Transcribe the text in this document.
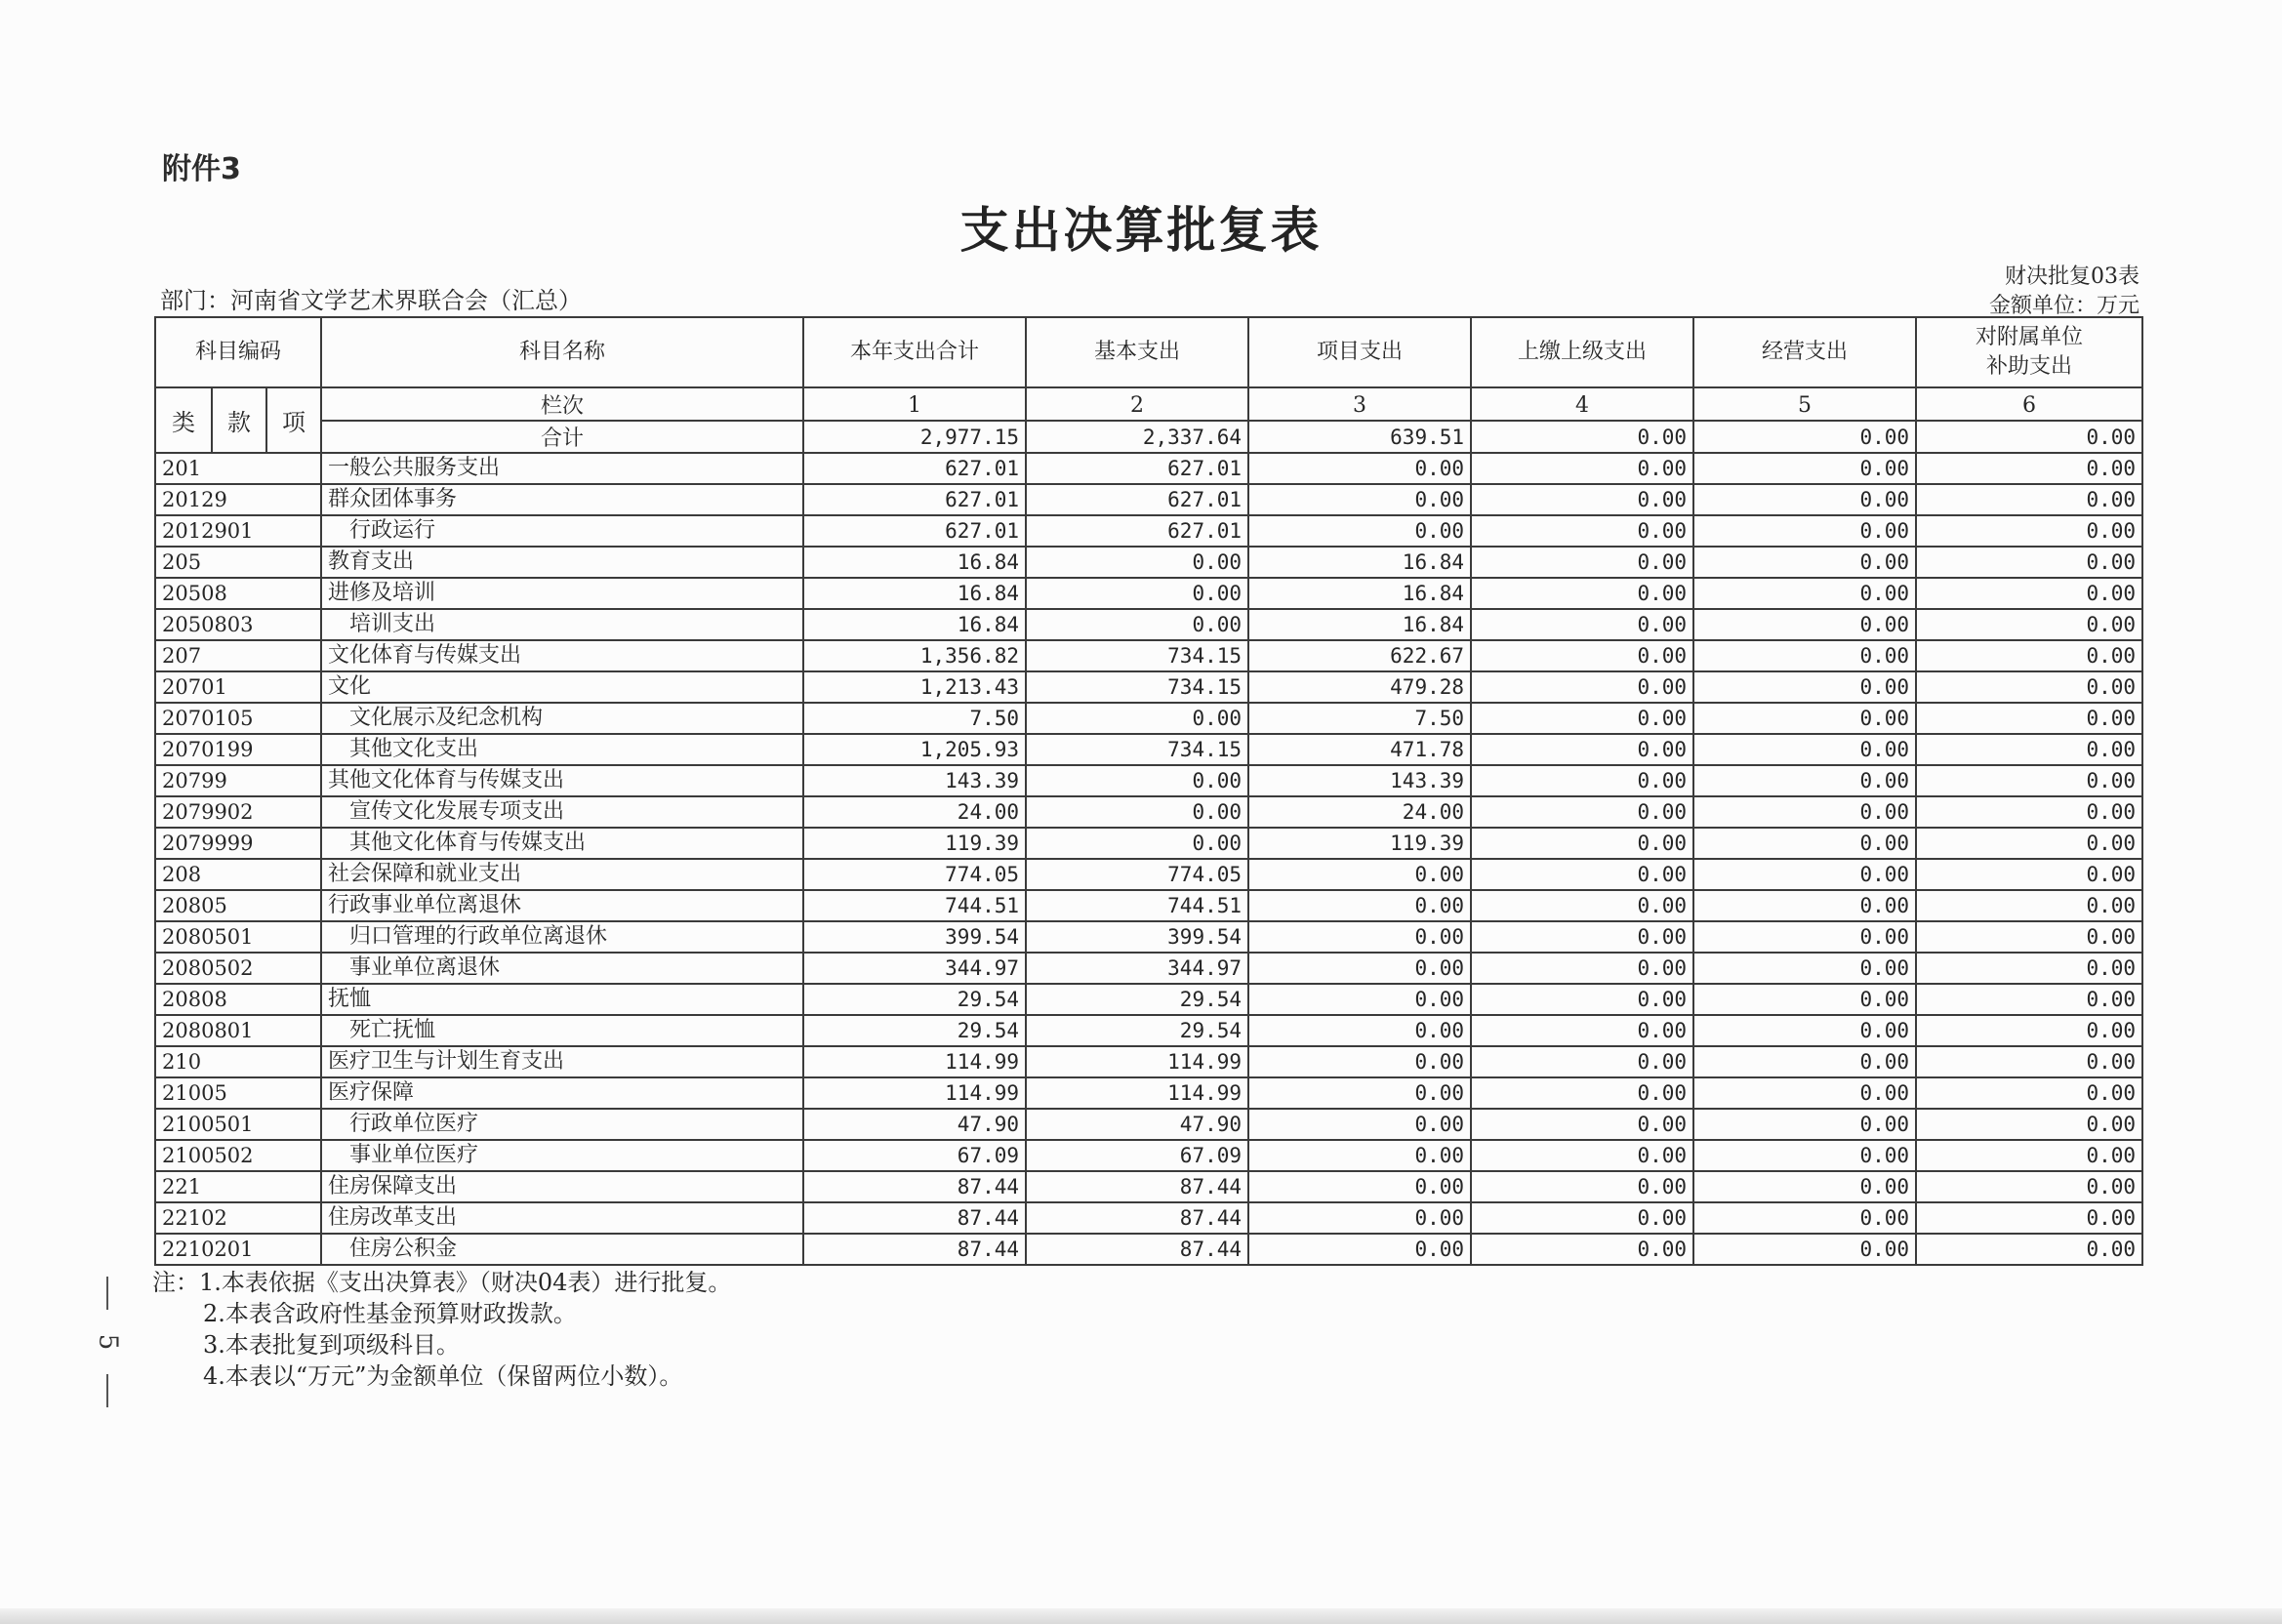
附件3
支出决算批复表
部门：河南省文学艺术界联合会（汇总）
财决批复03表
金额单位：万元
科目编码			科目名称	本年支出合计	基本支出	项目支出	上缴上级支出	经营支出	对附属单位
补助支出

类	款	项	栏次	1	2	3	4	5	6
			合计	2,977.15	2,337.64	639.51	0.00	0.00	0.00
201			一般公共服务支出	627.01	627.01	0.00	0.00	0.00	0.00
20129			群众团体事务	627.01	627.01	0.00	0.00	0.00	0.00
2012901			行政运行	627.01	627.01	0.00	0.00	0.00	0.00
205			教育支出	16.84	0.00	16.84	0.00	0.00	0.00
20508			进修及培训	16.84	0.00	16.84	0.00	0.00	0.00
2050803			培训支出	16.84	0.00	16.84	0.00	0.00	0.00
207			文化体育与传媒支出	1,356.82	734.15	622.67	0.00	0.00	0.00
20701			文化	1,213.43	734.15	479.28	0.00	0.00	0.00
2070105			文化展示及纪念机构	7.50	0.00	7.50	0.00	0.00	0.00
2070199			其他文化支出	1,205.93	734.15	471.78	0.00	0.00	0.00
20799			其他文化体育与传媒支出	143.39	0.00	143.39	0.00	0.00	0.00
2079902			宣传文化发展专项支出	24.00	0.00	24.00	0.00	0.00	0.00
2079999			其他文化体育与传媒支出	119.39	0.00	119.39	0.00	0.00	0.00
208			社会保障和就业支出	774.05	774.05	0.00	0.00	0.00	0.00
20805			行政事业单位离退休	744.51	744.51	0.00	0.00	0.00	0.00
2080501			归口管理的行政单位离退休	399.54	399.54	0.00	0.00	0.00	0.00
2080502			事业单位离退休	344.97	344.97	0.00	0.00	0.00	0.00
20808			抚恤	29.54	29.54	0.00	0.00	0.00	0.00
2080801			死亡抚恤	29.54	29.54	0.00	0.00	0.00	0.00
210			医疗卫生与计划生育支出	114.99	114.99	0.00	0.00	0.00	0.00
21005			医疗保障	114.99	114.99	0.00	0.00	0.00	0.00
2100501			行政单位医疗	47.90	47.90	0.00	0.00	0.00	0.00
2100502			事业单位医疗	67.09	67.09	0.00	0.00	0.00	0.00
221			住房保障支出	87.44	87.44	0.00	0.00	0.00	0.00
22102			住房改革支出	87.44	87.44	0.00	0.00	0.00	0.00
2210201			住房公积金	87.44	87.44	0.00	0.00	0.00	0.00
注：1.本表依据《支出决算表》（财决04表）进行批复。
2.本表含政府性基金预算财政拨款。
3.本表批复到项级科目。
4.本表以“万元”为金额单位（保留两位小数）。
5
